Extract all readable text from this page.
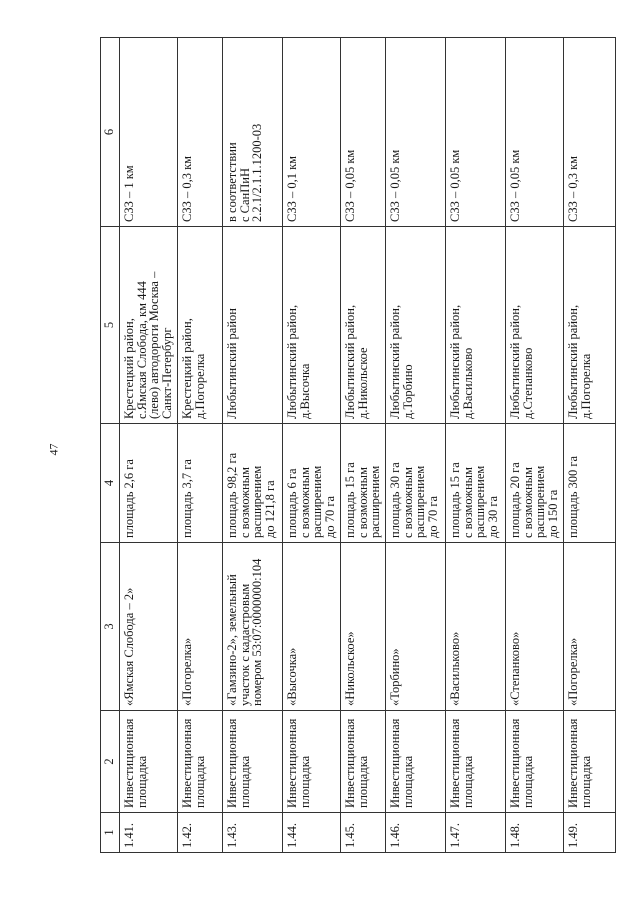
47
1	2	3	4	5	6

1.41.	Инвестиционная
площадка	«Ямская Слобода – 2»	площадь 2,6 га	Крестецкий район,
с.Ямская Слобода, км 444
(лево) автодороги Москва –
Санкт-Петербург	СЗЗ – 1 км

1.42.	Инвестиционная
площадка	«Погорелка»	площадь 3,7 га	Крестецкий район,
д.Погорелка	СЗЗ – 0,3 км

1.43.	Инвестиционная
площадка	«Гамзино-2», земельный
участок с кадастровым
номером 53:07:0000000:104	площадь 98,2 га
с возможным
расширением
до 121,8 га	Любытинский район	в соответствии
с СанПиН
2.2.1/2.1.1.1200-03

1.44.	Инвестиционная
площадка	«Высочка»	площадь 6 га
с возможным
расширением
до 70 га	Любытинский район,
д.Высочка	СЗЗ – 0,1 км

1.45.	Инвестиционная
площадка	«Никольское»	площадь 15 га
с возможным
расширением	Любытинский район,
д.Никольское	СЗЗ – 0,05 км

1.46.	Инвестиционная
площадка	«Торбино»	площадь 30 га
с возможным
расширением
до 70 га	Любытинский район,
д.Торбино	СЗЗ – 0,05 км

1.47.	Инвестиционная
площадка	«Васильково»	площадь 15 га
с возможным
расширением
до 30 га	Любытинский район,
д.Васильково	СЗЗ – 0,05 км

1.48.	Инвестиционная
площадка	«Степанково»	площадь 20 га
с возможным
расширением
до 150 га	Любытинский район,
д.Степанково	СЗЗ – 0,05 км

1.49.	Инвестиционная
площадка	«Погорелка»	площадь 300 га	Любытинский район,
д.Погорелка	СЗЗ – 0,3 км
